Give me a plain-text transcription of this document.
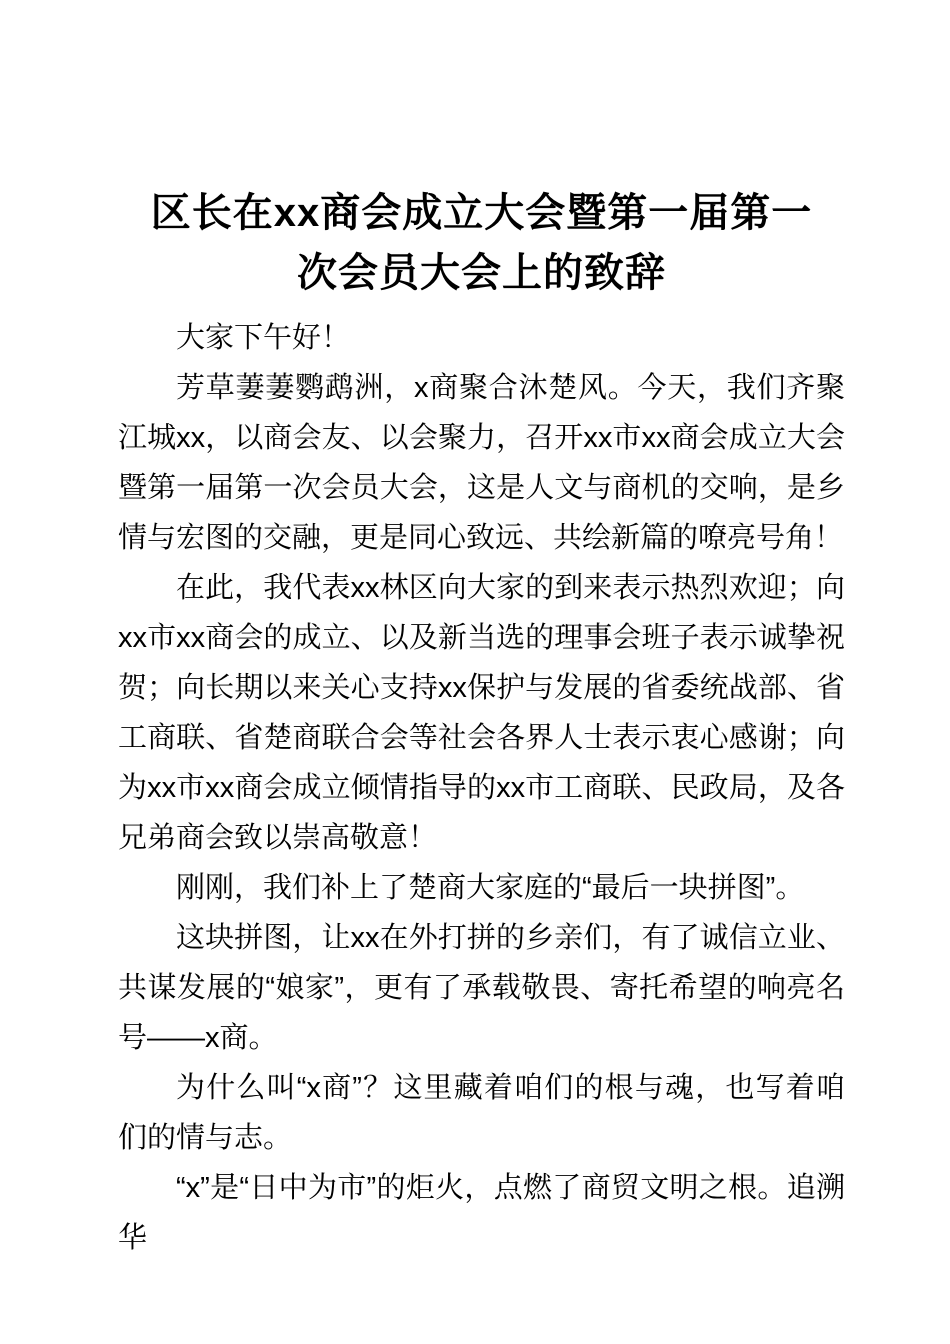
区长在xx商会成立大会暨第一届第一
次会员大会上的致辞

大家下午好！

芳草萋萋鹦鹉洲，x商聚合沐楚风。今天，我们齐聚江城xx，以商会友、以会聚力，召开xx市xx商会成立大会暨第一届第一次会员大会，这是人文与商机的交响，是乡情与宏图的交融，更是同心致远、共绘新篇的嘹亮号角！

在此，我代表xx林区向大家的到来表示热烈欢迎；向xx市xx商会的成立、以及新当选的理事会班子表示诚挚祝贺；向长期以来关心支持xx保护与发展的省委统战部、省工商联、省楚商联合会等社会各界人士表示衷心感谢；向为xx市xx商会成立倾情指导的xx市工商联、民政局，及各兄弟商会致以崇高敬意！

刚刚，我们补上了楚商大家庭的“最后一块拼图”。

这块拼图，让xx在外打拼的乡亲们，有了诚信立业、共谋发展的“娘家”，更有了承载敬畏、寄托希望的响亮名号——x商。

为什么叫“x商”？这里藏着咱们的根与魂，也写着咱们的情与志。

“x”是“日中为市”的炬火，点燃了商贸文明之根。追溯华
